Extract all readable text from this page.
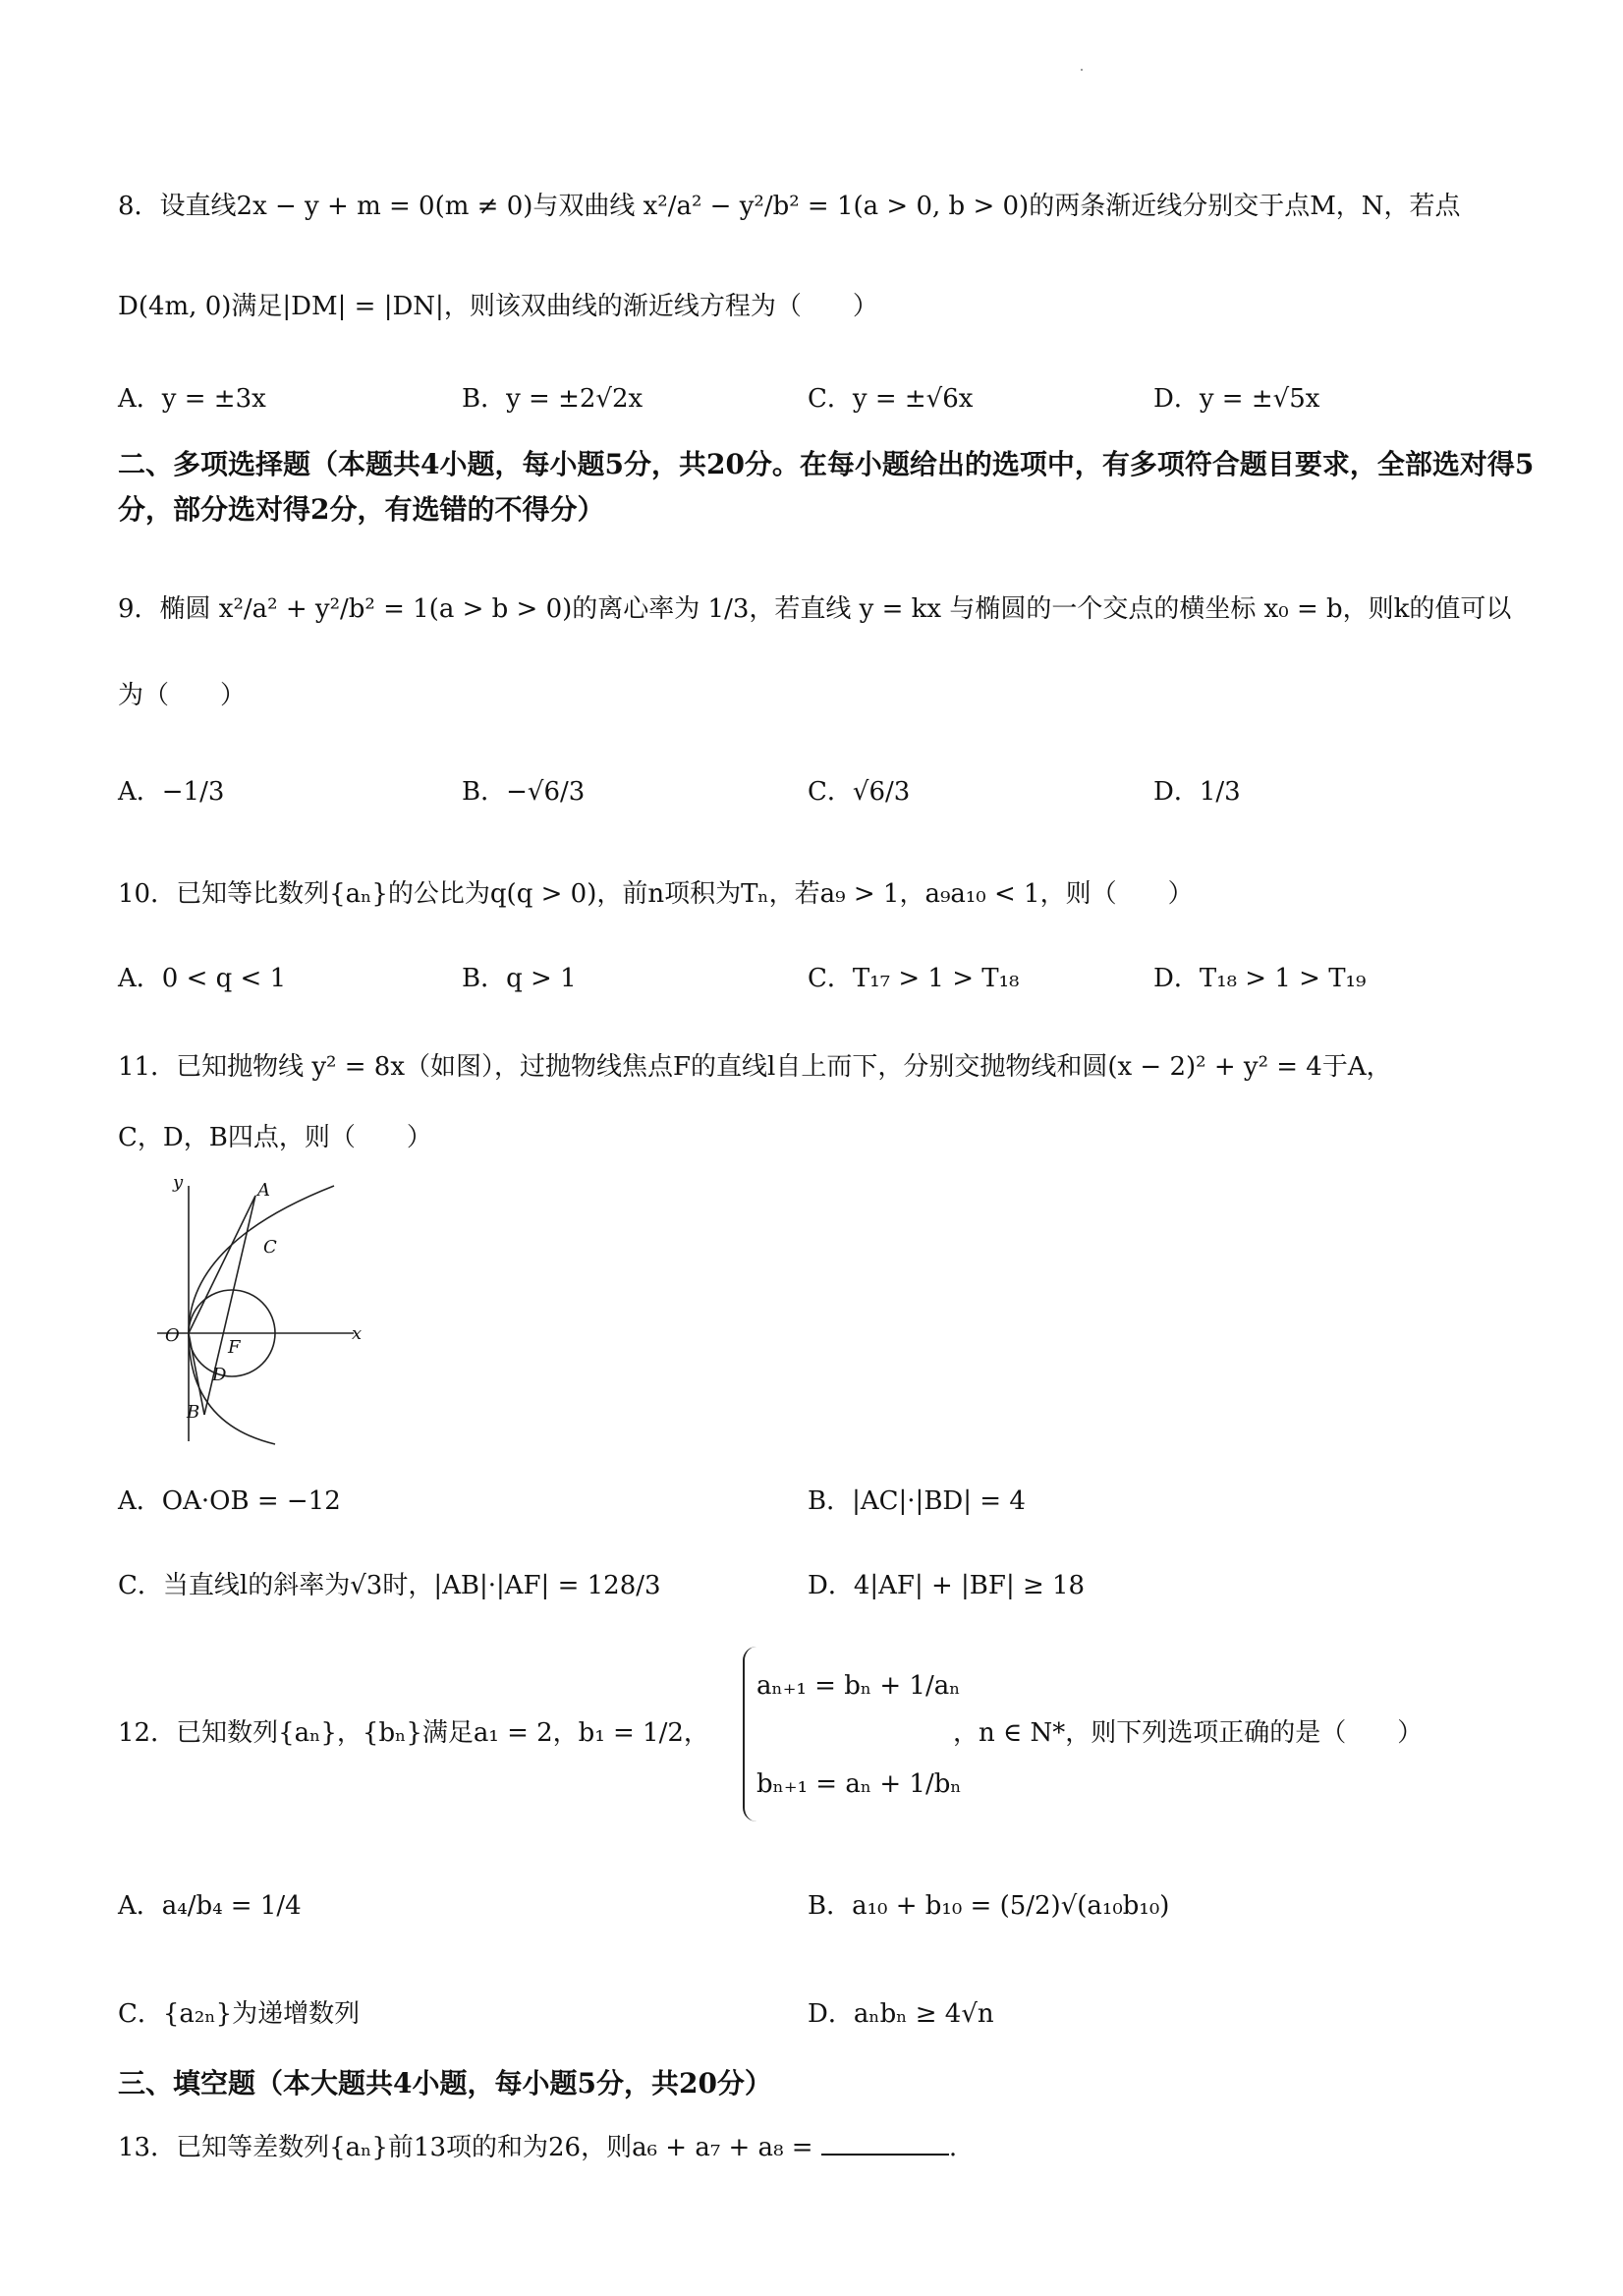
8．设直线2x − y + m = 0(m ≠ 0)与双曲线 x²/a² − y²/b² = 1(a > 0, b > 0)的两条渐近线分别交于点M，N，若点
D(4m, 0)满足|DM| = |DN|，则该双曲线的渐近线方程为（　　）
A．y = ±3x	B．y = ±2√2x	C．y = ±√6x	D．y = ±√5x
二、多项选择题（本题共4小题，每小题5分，共20分。在每小题给出的选项中，有多项符合题目要求，全部选对得5分，部分选对得2分，有选错的不得分）
9．椭圆 x²/a² + y²/b² = 1(a > b > 0)的离心率为 1/3，若直线 y = kx 与椭圆的一个交点的横坐标 x₀ = b，则k的值可以
为（　　）
A．−1/3	B．−√6/3	C．√6/3	D．1/3
10．已知等比数列{aₙ}的公比为q(q > 0)，前n项积为Tₙ，若a₉ > 1，a₉a₁₀ < 1，则（　　）
A．0 < q < 1	B．q > 1	C．T₁₇ > 1 > T₁₈	D．T₁₈ > 1 > T₁₉
11．已知抛物线 y² = 8x（如图），过抛物线焦点F的直线l自上而下，分别交抛物线和圆(x − 2)² + y² = 4于A，
C，D，B四点，则（　　）
y
x
O
A
B
C
D
F
A．OA·OB = −12	B．|AC|·|BD| = 4
C．当直线l的斜率为√3时，|AB|·|AF| = 128/3	D．4|AF| + |BF| ≥ 18
12．已知数列{aₙ}，{bₙ}满足a₁ = 2，b₁ = 1/2，
aₙ₊₁ = bₙ + 1/aₙ
bₙ₊₁ = aₙ + 1/bₙ
，n ∈ N*，则下列选项正确的是（　　）
A．a₄/b₄ = 1/4	B．a₁₀ + b₁₀ = (5/2)√(a₁₀b₁₀)
C．{a₂ₙ}为递增数列	D．aₙbₙ ≥ 4√n
三、填空题（本大题共4小题，每小题5分，共20分）
13．已知等差数列{aₙ}前13项的和为26，则a₆ + a₇ + a₈ =	.
